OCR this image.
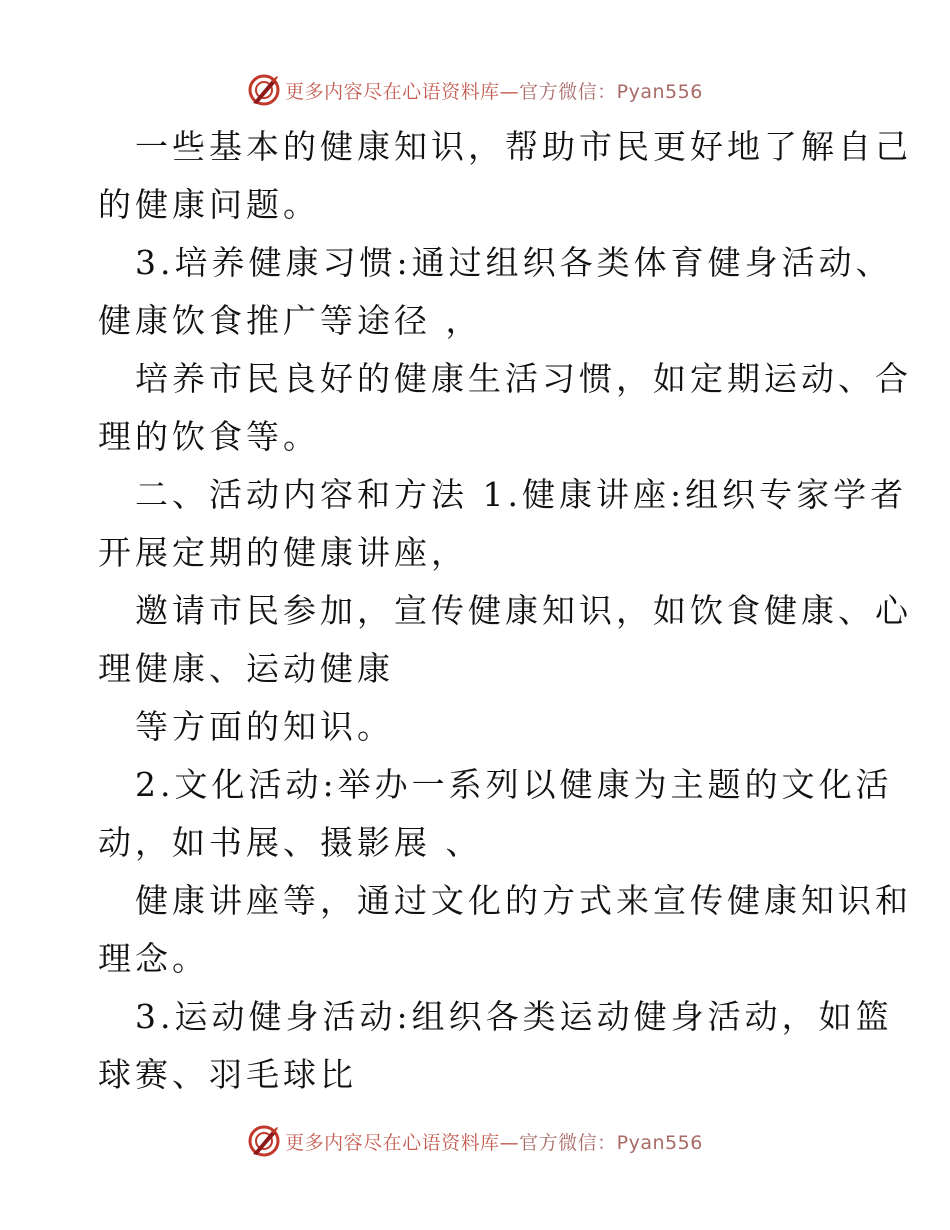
更多内容尽在心语资料库—官方微信：Pyan556
一些基本的健康知识，帮助市民更好地了解自己
的健康问题。
3.培养健康习惯:通过组织各类体育健身活动、
健康饮食推广等途径 ，
培养市民良好的健康生活习惯，如定期运动、合
理的饮食等。
二、活动内容和方法 1.健康讲座:组织专家学者
开展定期的健康讲座，
邀请市民参加，宣传健康知识，如饮食健康、心
理健康、运动健康
等方面的知识。
2.文化活动:举办一系列以健康为主题的文化活
动，如书展、摄影展 、
健康讲座等，通过文化的方式来宣传健康知识和
理念。
3.运动健身活动:组织各类运动健身活动，如篮
球赛、羽毛球比
更多内容尽在心语资料库—官方微信：Pyan556
